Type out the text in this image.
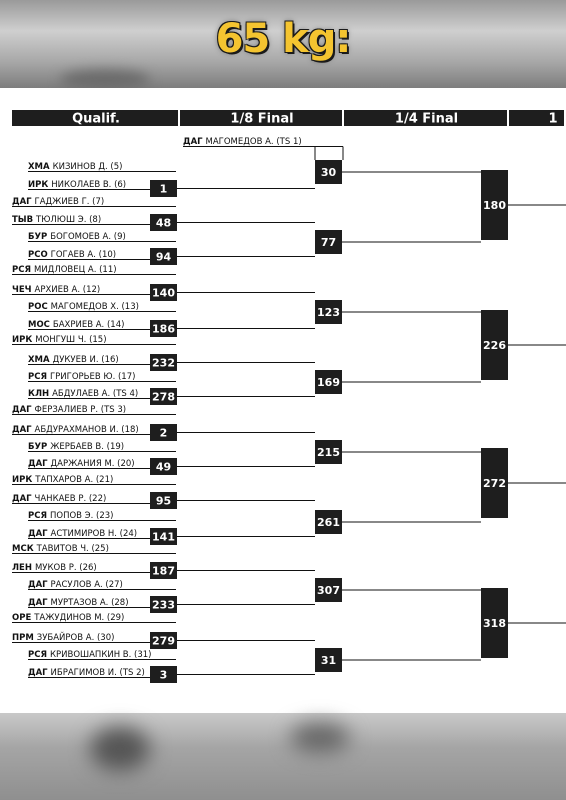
65 kg:
Qualif.	1/8 Final	1/4 Final	1
ДАГ МАГОМЕДОВ А. (TS 1)
ХМА КИЗИНОВ Д. (5)
ИРК НИКОЛАЕВ В. (6)
ДАГ ГАДЖИЕВ Г. (7)
ТЫВ ТЮЛЮШ Э. (8)
БУР БОГОМОЕВ А. (9)
РСО ГОГАЕВ А. (10)
РСЯ МИДЛОВЕЦ А. (11)
ЧЕЧ АРХИЕВ А. (12)
РОС МАГОМЕДОВ Х. (13)
МОС БАХРИЕВ А. (14)
ИРК МОНГУШ Ч. (15)
ХМА ДУКУЕВ И. (16)
РСЯ ГРИГОРЬЕВ Ю. (17)
КЛН АБДУЛАЕВ А. (TS 4)
ДАГ ФЕРЗАЛИЕВ Р. (TS 3)
ДАГ АБДУРАХМАНОВ И. (18)
БУР ЖЕРБАЕВ В. (19)
ДАГ ДАРЖАНИЯ М. (20)
ИРК ТАПХАРОВ А. (21)
ДАГ ЧАНКАЕВ Р. (22)
РСЯ ПОПОВ Э. (23)
ДАГ АСТИМИРОВ Н. (24)
МСК ТАВИТОВ Ч. (25)
ЛЕН МУКОВ Р. (26)
ДАГ РАСУЛОВ А. (27)
ДАГ МУРТАЗОВ А. (28)
ОРЕ ТАЖУДИНОВ М. (29)
ПРМ ЗУБАЙРОВ А. (30)
РСЯ КРИВОШАПКИН В. (31)
ДАГ ИБРАГИМОВ И. (TS 2)
1
48
94
140
186
232
278
2
49
95
141
187
233
279
3
30
77
123
169
215
261
307
31
180
226
272
318
